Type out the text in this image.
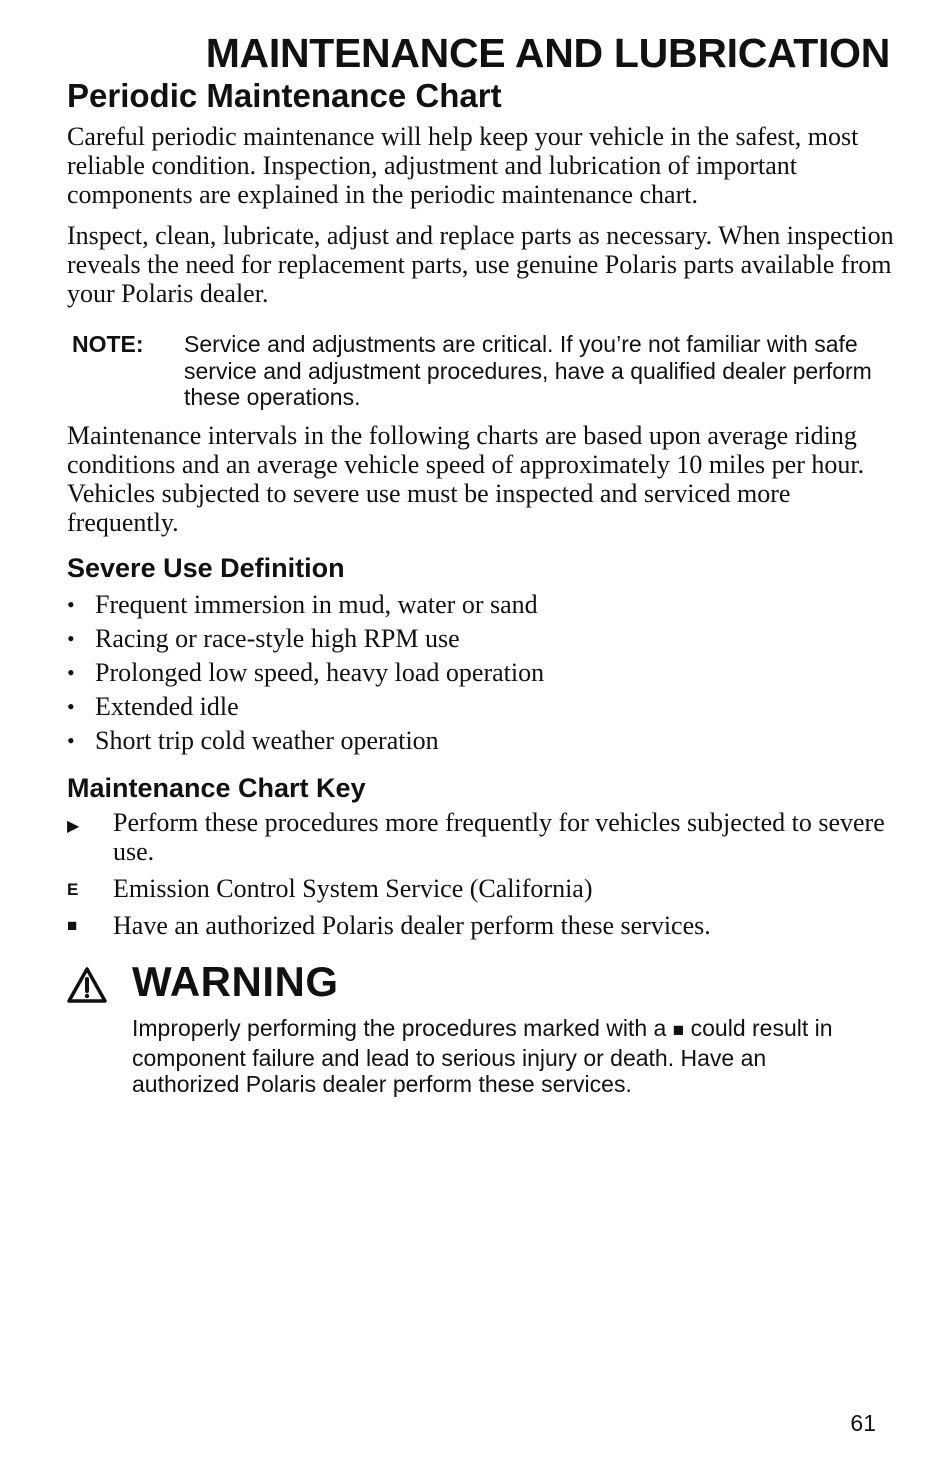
MAINTENANCE AND LUBRICATION
Periodic Maintenance Chart

Careful periodic maintenance will help keep your vehicle in the safest, most reliable condition. Inspection, adjustment and lubrication of important components are explained in the periodic maintenance chart.

Inspect, clean, lubricate, adjust and replace parts as necessary. When inspection reveals the need for replacement parts, use genuine Polaris parts available from your Polaris dealer.

NOTE: Service and adjustments are critical. If you’re not familiar with safe service and adjustment procedures, have a qualified dealer perform these operations.

Maintenance intervals in the following charts are based upon average riding conditions and an average vehicle speed of approximately 10 miles per hour. Vehicles subjected to severe use must be inspected and serviced more frequently.

Severe Use Definition
• Frequent immersion in mud, water or sand
• Racing or race-style high RPM use
• Prolonged low speed, heavy load operation
• Extended idle
• Short trip cold weather operation
Maintenance Chart Key
▶ Perform these procedures more frequently for vehicles subjected to severe use.

E Emission Control System Service (California)

■ Have an authorized Polaris dealer perform these services.

WARNING

Improperly performing the procedures marked with a ■ could result in component failure and lead to serious injury or death. Have an authorized Polaris dealer perform these services.

61
